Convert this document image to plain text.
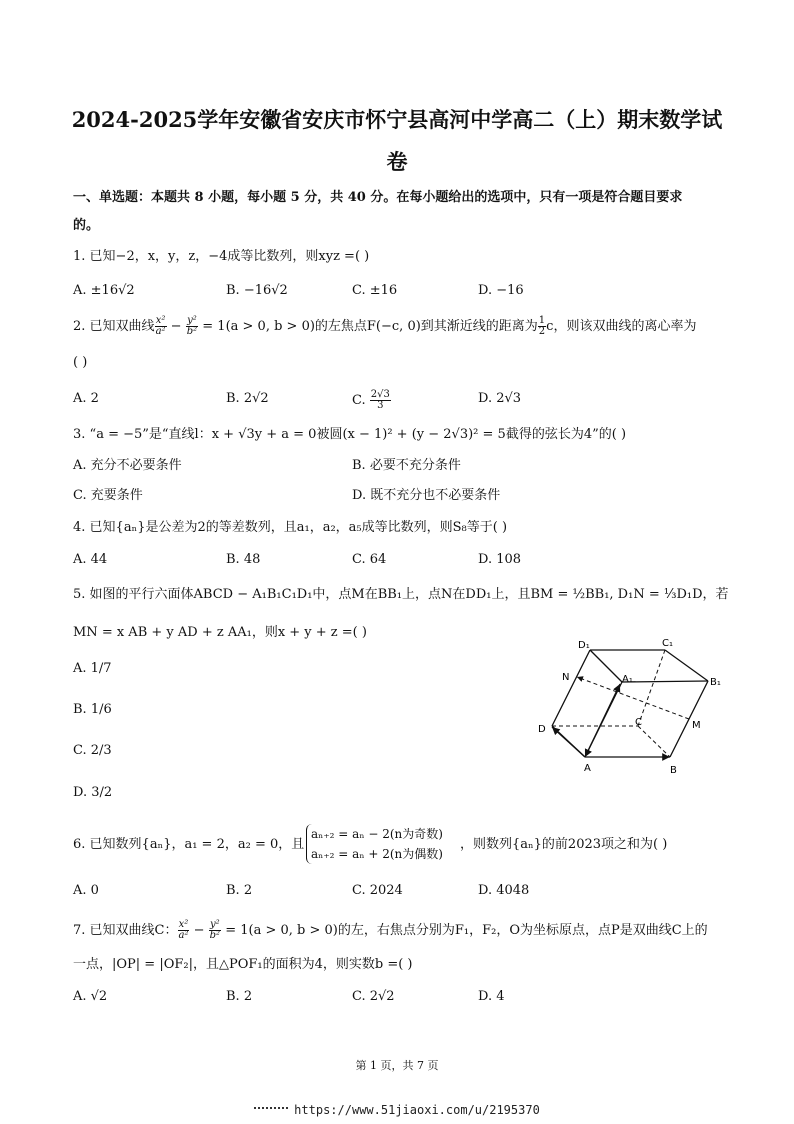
2024-2025学年安徽省安庆市怀宁县高河中学高二（上）期末数学试
卷
一、单选题：本题共 8 小题，每小题 5 分，共 40 分。在每小题给出的选项中，只有一项是符合题目要求
的。
1. 已知−2，x，y，z，−4成等比数列，则xyz =( )
A. ±16√2	B. −16√2	C. ±16	D. −16
2. 已知双曲线 $\frac{\text{x²}}{\text{a²}} - \frac{\text{y²}}{\text{b²}} = 1(a > 0$, b > 0)的左焦点F(−c, 0)到其渐近线的距离为 $\frac{1}{2}$ c，则该双曲线的离心率为
( )
A. 2	B. 2√2	C. $\frac{2√3}{3}$	D. 2√3
3. “a = −5”是“直线l：x + √3y + a = 0被圆(x − 1)² + (y − 2√3)² = 5截得的弦长为4”的( )
A. 充分不必要条件	B. 必要不充分条件
C. 充要条件	D. 既不充分也不必要条件
4. 已知{aₙ}是公差为2的等差数列，且a₁，a₂，a₅成等比数列，则S₈等于( )
A. 44	B. 48	C. 64	D. 108
5. 如图的平行六面体ABCD − A₁B₁C₁D₁中，点M在BB₁上，点N在DD₁上，且BM = ½BB₁, D₁N = ⅓D₁D，若
MN = x AB + y AD + z AA₁，则x + y + z =( )
A. 1/7
B. 1/6
C. 2/3
D. 3/2
D₁	C₁
N	A₁	B₁
D
C	M
A	B
6. 已知数列{aₙ}，a₁ = 2，a₂ = 0，且
aₙ₊₂ = aₙ − 2(n为奇数)
aₙ₊₂ = aₙ + 2(n为偶数)
，则数列{aₙ}的前2023项之和为( )
A. 0	B. 2	C. 2024	D. 4048
7. 已知双曲线C： $\frac{\text{x²}}{\text{a²}} - \frac{\text{y²}}{\text{b²}} = 1(a > 0$, b > 0)的左，右焦点分别为F₁，F₂，O为坐标原点，点P是双曲线C上的
一点，|OP| = |OF₂|，且△POF₁的面积为4，则实数b =( )
A. √2	B. 2	C. 2√2	D. 4
第 1 页，共 7 页
https://www.51jiaoxi.com/u/2195370
